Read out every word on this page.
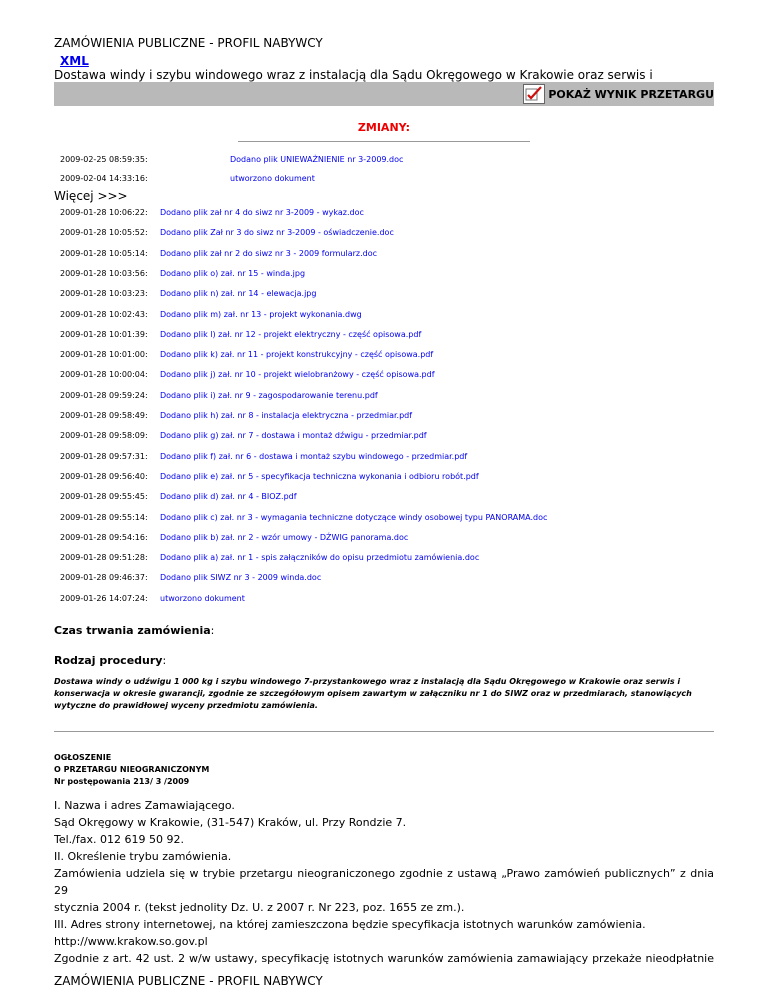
ZAMÓWIENIA PUBLICZNE - PROFIL NABYWCY
XML
Dostawa windy i szybu windowego wraz z instalacją dla Sądu Okręgowego w Krakowie oraz serwis i
POKAŻ WYNIK PRZETARGU
ZMIANY:
2009-02-25 08:59:35:	Dodano plik UNIEWAŻNIENIE nr 3-2009.doc
2009-02-04 14:33:16:	utworzono dokument
Więcej >>>
2009-01-28 10:06:22:	Dodano plik zał nr 4 do siwz nr 3-2009 - wykaz.doc
2009-01-28 10:05:52:	Dodano plik Zał nr 3 do siwz nr 3-2009 - oświadczenie.doc
2009-01-28 10:05:14:	Dodano plik zał nr 2 do siwz nr 3 - 2009 formularz.doc
2009-01-28 10:03:56:	Dodano plik o) zał. nr 15 - winda.jpg
2009-01-28 10:03:23:	Dodano plik n) zał. nr 14 - elewacja.jpg
2009-01-28 10:02:43:	Dodano plik m) zał. nr 13 - projekt wykonania.dwg
2009-01-28 10:01:39:	Dodano plik l) zał. nr 12 - projekt elektryczny - część opisowa.pdf
2009-01-28 10:01:00:	Dodano plik k) zał. nr 11 - projekt konstrukcyjny - część opisowa.pdf
2009-01-28 10:00:04:	Dodano plik j) zał. nr 10 - projekt wielobranżowy - część opisowa.pdf
2009-01-28 09:59:24:	Dodano plik i) zał. nr 9 - zagospodarowanie terenu.pdf
2009-01-28 09:58:49:	Dodano plik h) zał. nr 8 - instalacja elektryczna - przedmiar.pdf
2009-01-28 09:58:09:	Dodano plik g) zał. nr 7 - dostawa i montaż dźwigu - przedmiar.pdf
2009-01-28 09:57:31:	Dodano plik f) zał. nr 6 - dostawa i montaż szybu windowego - przedmiar.pdf
2009-01-28 09:56:40:	Dodano plik e) zał. nr 5 - specyfikacja techniczna wykonania i odbioru robót.pdf
2009-01-28 09:55:45:	Dodano plik d) zał. nr 4 - BIOZ.pdf
2009-01-28 09:55:14:	Dodano plik c) zał. nr 3 - wymagania techniczne dotyczące windy osobowej typu PANORAMA.doc
2009-01-28 09:54:16:	Dodano plik b) zał. nr 2 - wzór umowy - DŹWIG panorama.doc
2009-01-28 09:51:28:	Dodano plik a) zał. nr 1 - spis załączników do opisu przedmiotu zamówienia.doc
2009-01-28 09:46:37:	Dodano plik SIWZ nr 3 - 2009 winda.doc
2009-01-26 14:07:24:	utworzono dokument
Czas trwania zamówienia:
Rodzaj procedury:
Dostawa windy o udźwigu 1 000 kg i szybu windowego 7-przystankowego wraz z instalacją dla Sądu Okręgowego w Krakowie oraz serwis i konserwacja w okresie gwarancji, zgodnie ze szczegółowym opisem zawartym w załączniku nr 1 do SIWZ oraz w przedmiarach, stanowiących wytyczne do prawidłowej wyceny przedmiotu zamówienia.
OGŁOSZENIE
O PRZETARGU NIEOGRANICZONYM
Nr postępowania 213/ 3 /2009

I. Nazwa i adres Zamawiającego.

Sąd Okręgowy w Krakowie, (31-547) Kraków, ul. Przy Rondzie 7.

Tel./fax. 012 619 50 92.

II. Określenie trybu zamówienia.

Zamówienia udziela się w trybie przetargu nieograniczonego zgodnie z ustawą „Prawo zamówień publicznych” z dnia 29

stycznia 2004 r. (tekst jednolity Dz. U. z 2007 r. Nr 223, poz. 1655 ze zm.).

III. Adres strony internetowej, na której zamieszczona będzie specyfikacja istotnych warunków zamówienia.

http://www.krakow.so.gov.pl

Zgodnie z art. 42 ust. 2 w/w ustawy, specyfikację istotnych warunków zamówienia zamawiający przekaże nieodpłatnie

ZAMÓWIENIA PUBLICZNE - PROFIL NABYWCY
